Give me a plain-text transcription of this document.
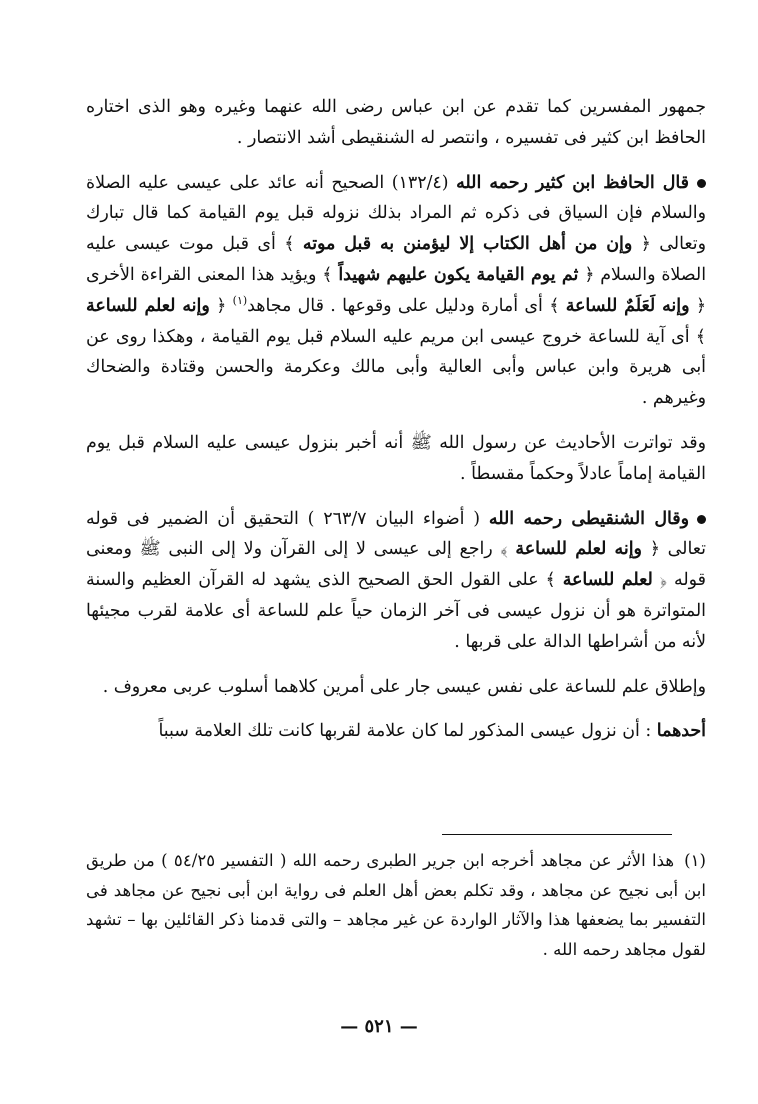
جمهور المفسرين كما تقدم عن ابن عباس رضى الله عنهما وغيره وهو الذى اختاره الحافظ ابن كثير فى تفسيره ، وانتصر له الشنقيطى أشد الانتصار .

قال الحافظ ابن كثير رحمه الله (١٣٢/٤) الصحيح أنه عائد على عيسى عليه الصلاة والسلام فإن السياق فى ذكره ثم المراد بذلك نزوله قبل يوم القيامة كما قال تبارك وتعالى ﴿ وإن من أهل الكتاب إلا ليؤمنن به قبل موته ﴾ أى قبل موت عيسى عليه الصلاة والسلام ﴿ ثم يوم القيامة يكون عليهم شهيداً ﴾ ويؤيد هذا المعنى القراءة الأخرى ﴿ وإنه لَعَلَمٌ للساعة ﴾ أى أمارة ودليل على وقوعها . قال مجاهد$^{(١)}$ ﴿ وإنه لعلم للساعة ﴾ أى آية للساعة خروج عيسى ابن مريم عليه السلام قبل يوم القيامة ، وهكذا روى عن أبى هريرة وابن عباس وأبى العالية وأبى مالك وعكرمة والحسن وقتادة والضحاك وغيرهم .

وقد تواترت الأحاديث عن رسول الله ﷺ أنه أخبر بنزول عيسى عليه السلام قبل يوم القيامة إماماً عادلاً وحكماً مقسطاً .

وقال الشنقيطى رحمه الله ( أضواء البيان ٢٦٣/٧ ) التحقيق أن الضمير فى قوله تعالى ﴿ وإنه لعلم للساعة ﴾ راجع إلى عيسى لا إلى القرآن ولا إلى النبى ﷺ ومعنى قوله ﴿ لعلم للساعة ﴾ على القول الحق الصحيح الذى يشهد له القرآن العظيم والسنة المتواترة هو أن نزول عيسى فى آخر الزمان حياً علم للساعة أى علامة لقرب مجيئها لأنه من أشراطها الدالة على قربها .

وإطلاق علم للساعة على نفس عيسى جار على أمرين كلاهما أسلوب عربى معروف .

أحدهما : أن نزول عيسى المذكور لما كان علامة لقربها كانت تلك العلامة سبباً

(١)هذا الأثر عن مجاهد أخرجه ابن جرير الطبرى رحمه الله ( التفسير ٥٤/٢٥ ) من طريق ابن أبى نجيح عن مجاهد ، وقد تكلم بعض أهل العلم فى رواية ابن أبى نجيح عن مجاهد فى التفسير بما يضعفها هذا والآثار الواردة عن غير مجاهد – والتى قدمنا ذكر القائلين بها – تشهد لقول مجاهد رحمه الله .
— ٥٢١ —
